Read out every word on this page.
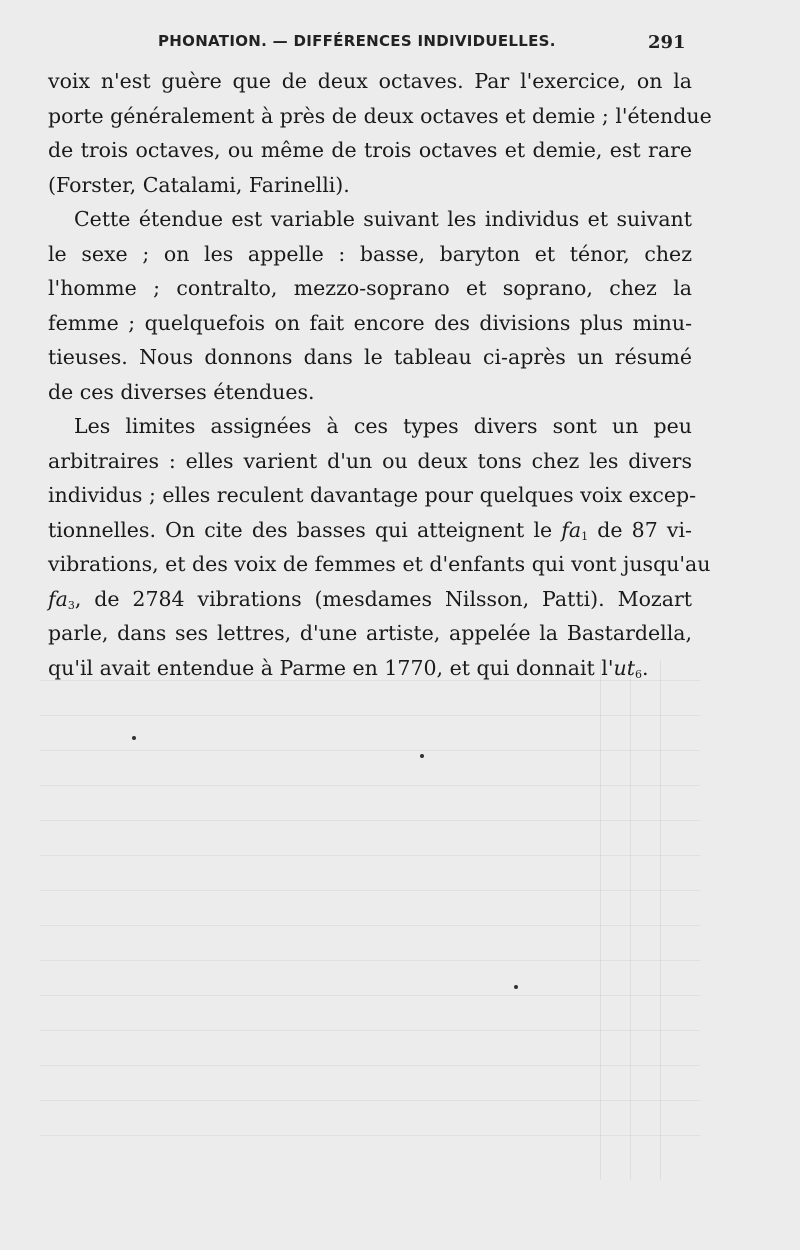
PHONATION. — DIFFÉRENCES INDIVIDUELLES.	291
voix n'est guère que de deux octaves. Par l'exercice, on la
porte généralement à près de deux octaves et demie ; l'étendue
de trois octaves, ou même de trois octaves et demie, est rare
(Forster, Catalami, Farinelli).
Cette étendue est variable suivant les individus et suivant
le sexe ; on les appelle : basse, baryton et ténor, chez
l'homme ; contralto, mezzo-soprano et soprano, chez la
femme ; quelquefois on fait encore des divisions plus minu-
tieuses. Nous donnons dans le tableau ci-après un résumé
de ces diverses étendues.
Les limites assignées à ces types divers sont un peu
arbitraires : elles varient d'un ou deux tons chez les divers
individus ; elles reculent davantage pour quelques voix excep-
tionnelles. On cite des basses qui atteignent le $fa_1$ de 87 vi-
vibrations, et des voix de femmes et d'enfants qui vont jusqu'au
$fa_3$, de 2784 vibrations (mesdames Nilsson, Patti). Mozart
parle, dans ses lettres, d'une artiste, appelée la Bastardella,
qu'il avait entendue à Parme en 1770, et qui donnait $l'ut_6$.
